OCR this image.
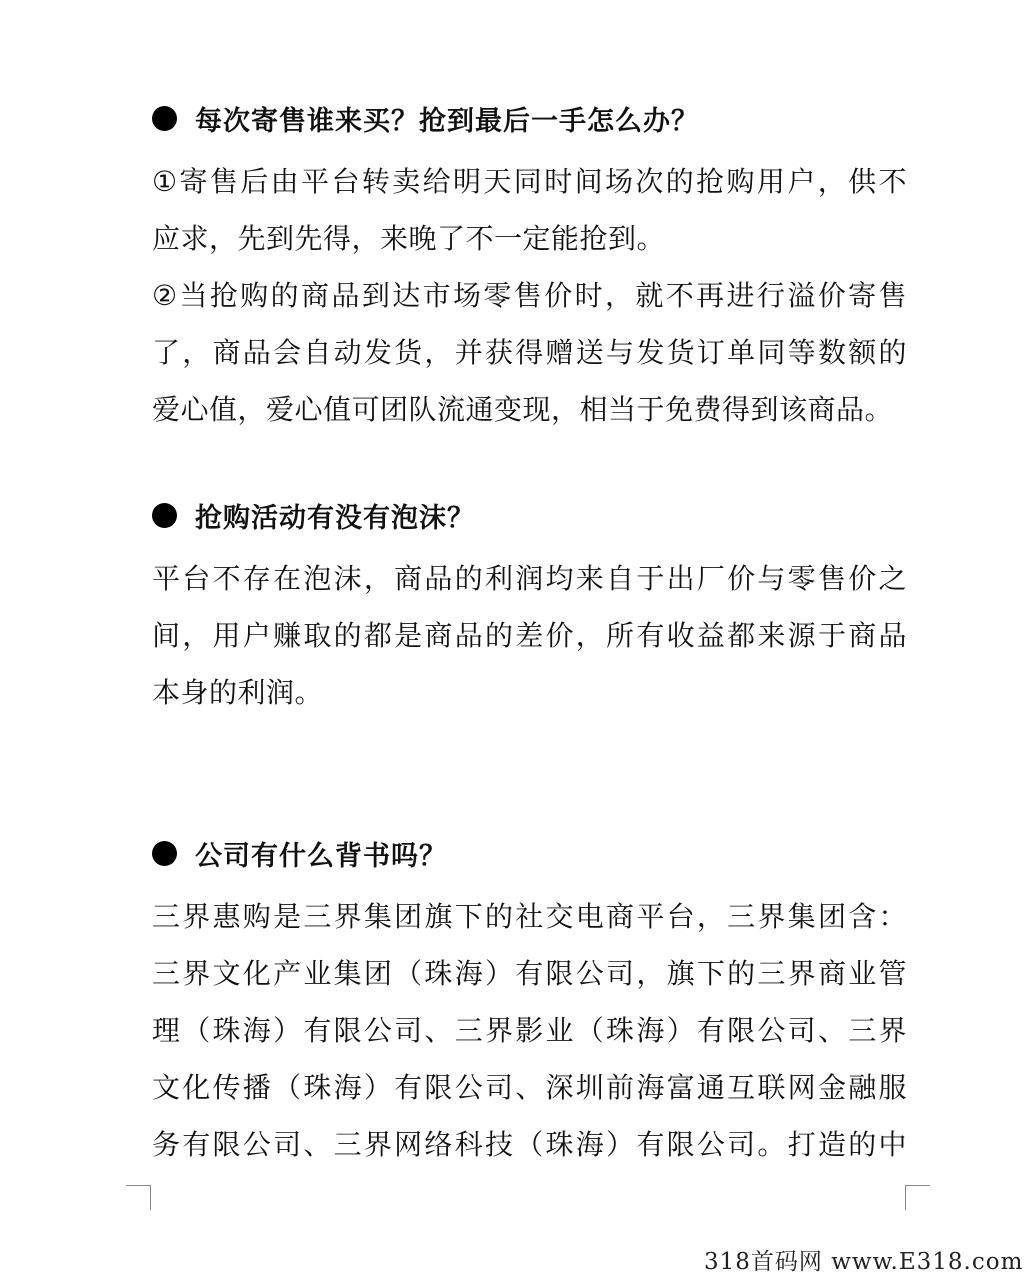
每次寄售谁来买？抢到最后一手怎么办？
①寄售后由平台转卖给明天同时间场次的抢购用户，供不
应求，先到先得，来晚了不一定能抢到。
②当抢购的商品到达市场零售价时，就不再进行溢价寄售
了，商品会自动发货，并获得赠送与发货订单同等数额的
爱心值，爱心值可团队流通变现，相当于免费得到该商品。
抢购活动有没有泡沫？
平台不存在泡沫，商品的利润均来自于出厂价与零售价之
间，用户赚取的都是商品的差价，所有收益都来源于商品
本身的利润。
公司有什么背书吗？
三界惠购是三界集团旗下的社交电商平台，三界集团含：
三界文化产业集团（珠海）有限公司，旗下的三界商业管
理（珠海）有限公司、三界影业（珠海）有限公司、三界
文化传播（珠海）有限公司、深圳前海富通互联网金融服
务有限公司、三界网络科技（珠海）有限公司。打造的中
318首码网 www.E318.com
